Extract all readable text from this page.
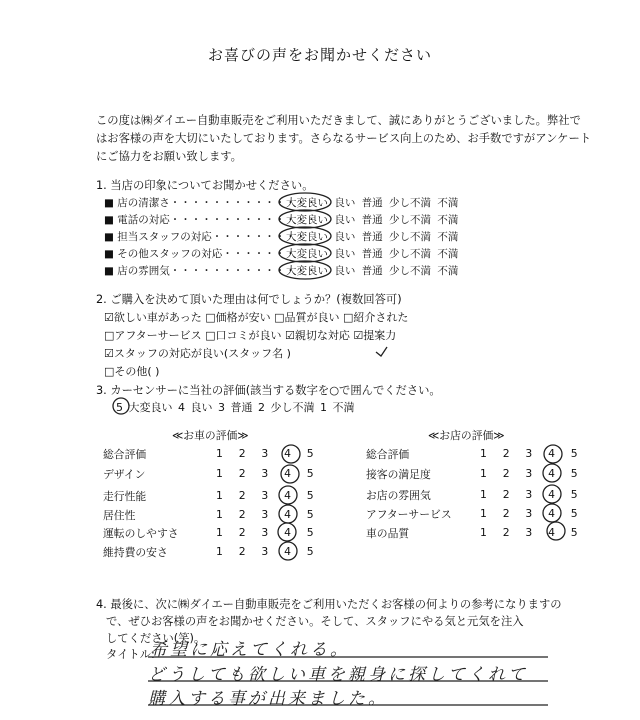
お喜びの声をお聞かせください
この度は㈱ダイエー自動車販売をご利用いただきまして、誠にありがとうございました。弊社で
はお客様の声を大切にいたしております。さらなるサービス向上のため、お手数ですがアンケート
にご協力をお願い致します。
1. 当店の印象についてお聞かせください。
■ 店の清潔さ・・・・・・・・・・・・・・
大変良い 良い 普通 少し不満 不満
■ 電話の対応・・・・・・・・・・・・・・
大変良い 良い 普通 少し不満 不満
■ 担当スタッフの対応・・・・・・・・・
大変良い 良い 普通 少し不満 不満
■ その他スタッフの対応・・・・・・・
大変良い 良い 普通 少し不満 不満
■ 店の雰囲気・・・・・・・・・・・・・・
大変良い 良い 普通 少し不満 不満
2. ご購入を決めて頂いた理由は何でしょうか？(複数回答可)
☑欲しい車があった □価格が安い □品質が良い □紹介された
□アフターサービス □口コミが良い ☑親切な対応 ☑提案力
☑スタッフの対応が良い(スタッフ名 )
□その他( )
3. カーセンサーに当社の評価(該当する数字を○で囲んでください。
5 大変良い 4 良い 3 普通 2 少し不満 1 不満
≪お車の評価≫	≪お店の評価≫
総合評価	1 2 3 4 5
デザイン	1 2 3 4 5
走行性能	1 2 3 4 5
居住性	1 2 3 4 5
運転のしやすさ	1 2 3 4 5
維持費の安さ	1 2 3 4 5
総合評価	1 2 3 4 5
接客の満足度	1 2 3 4 5
お店の雰囲気	1 2 3 4 5
アフターサービス	1 2 3 4 5
車の品質	1 2 3 4 5
4. 最後に、次に㈱ダイエー自動車販売をご利用いただくお客様の何よりの参考になりますの
で、ぜひお客様の声をお聞かせください。そして、スタッフにやる気と元気を注入
してください(笑)。
タイトル:
希望に応えてくれる。
どうしても欲しい車を親身に探してくれて
購入する事が出来ました。
